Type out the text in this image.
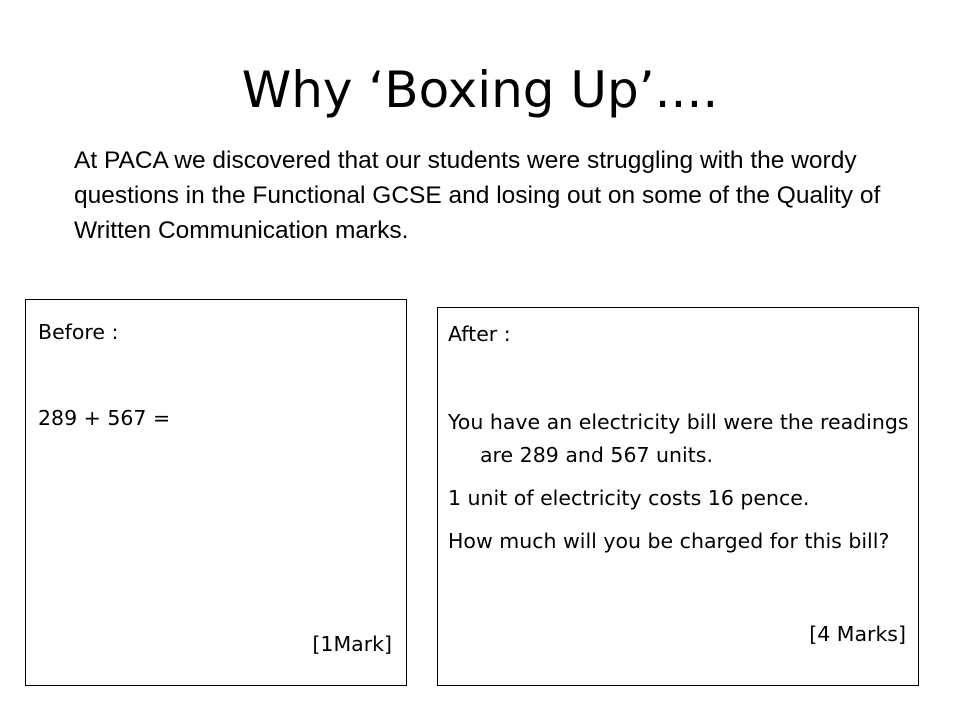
Why ‘Boxing Up’....

At PACA we discovered that our students were struggling with the wordy questions in the Functional GCSE and losing out on some of the Quality of Written Communication marks.

Before :

289 + 567 =

[1Mark]

After :

You have an electricity bill were the readings are 289 and 567 units.
1 unit of electricity costs 16 pence.
How much will you be charged for this bill?

[4 Marks]
